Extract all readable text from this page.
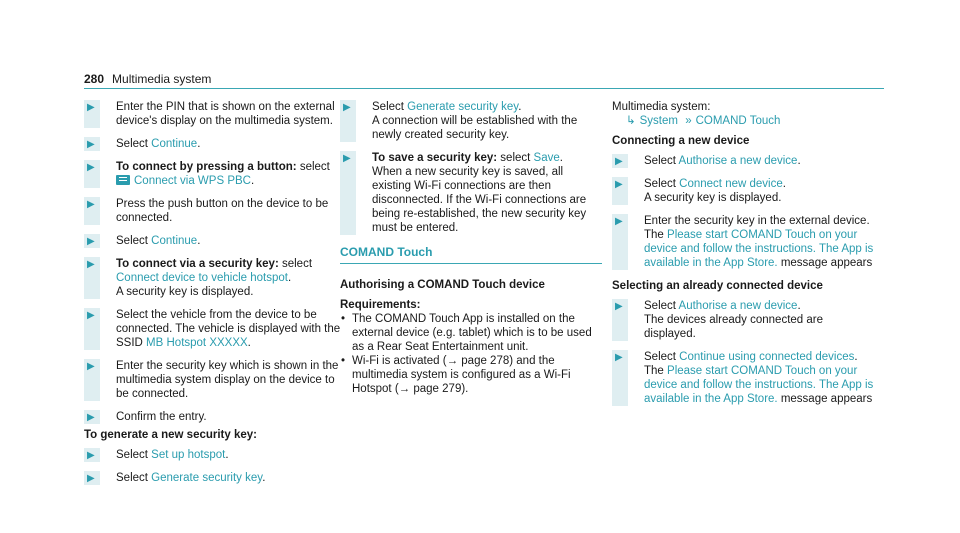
280 Multimedia system
▶ Enter the PIN that is shown on the external device's display on the multimedia system.
▶ Select Continue.
▶ To connect by pressing a button: select
Connect via WPS PBC.
▶ Press the push button on the device to be connected.
▶ Select Continue.
▶ To connect via a security key: select Connect device to vehicle hotspot.
A security key is displayed.
▶ Select the vehicle from the device to be connected. The vehicle is displayed with the SSID MB Hotspot XXXXX.
▶ Enter the security key which is shown in the multimedia system display on the device to be connected.
▶ Confirm the entry.
To generate a new security key:
▶ Select Set up hotspot.
▶ Select Generate security key.
▶ Select Generate security key.
A connection will be established with the newly created security key.
▶ To save a security key: select Save.
When a new security key is saved, all existing Wi-Fi connections are then disconnected. If the Wi-Fi connections are being re-established, the new security key must be entered.
COMAND Touch
Authorising a COMAND Touch device
Requirements:
• The COMAND Touch App is installed on the external device (e.g. tablet) which is to be used as a Rear Seat Entertainment unit.
• Wi-Fi is activated (→ page 278) and the multimedia system is configured as a Wi-Fi Hotspot (→ page 279).
Multimedia system:
↳ System » COMAND Touch
Connecting a new device
▶ Select Authorise a new device.
▶ Select Connect new device.
A security key is displayed.
▶ Enter the security key in the external device.
The Please start COMAND Touch on your device and follow the instructions. The App is available in the App Store. message appears
Selecting an already connected device
▶ Select Authorise a new device.
The devices already connected are displayed.
▶ Select Continue using connected devices.
The Please start COMAND Touch on your device and follow the instructions. The App is available in the App Store. message appears
